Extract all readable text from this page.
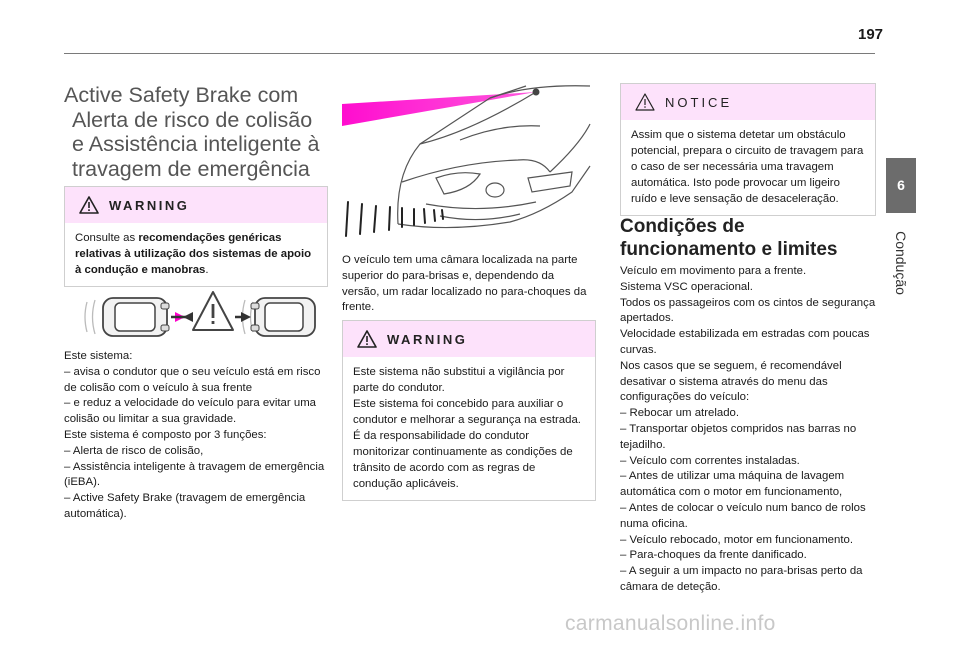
197
6
Condução
Active Safety Brake com
Alerta de risco de colisão
e Assistência inteligente à
travagem de emergência
WARNING
Consulte as recomendações genéricas relativas à utilização dos sistemas de apoio à condução e manobras.
Este sistema:
– avisa o condutor que o seu veículo está em risco de colisão com o veículo à sua frente
– e reduz a velocidade do veículo para evitar uma colisão ou limitar a sua gravidade.
Este sistema é composto por 3 funções:
– Alerta de risco de colisão,
– Assistência inteligente à travagem de emergência (iEBA).
– Active Safety Brake (travagem de emergência automática).
O veículo tem uma câmara localizada na parte superior do para-brisas e, dependendo da versão, um radar localizado no para-choques da frente.
WARNING
Este sistema não substitui a vigilância por parte do condutor.
Este sistema foi concebido para auxiliar o condutor e melhorar a segurança na estrada.
É da responsabilidade do condutor monitorizar continuamente as condições de trânsito de acordo com as regras de condução aplicáveis.
NOTICE
Assim que o sistema detetar um obstáculo potencial, prepara o circuito de travagem para o caso de ser necessária uma travagem automática. Isto pode provocar um ligeiro ruído e leve sensação de desaceleração.
Condições de funcionamento e limites
Veículo em movimento para a frente.
Sistema VSC operacional.
Todos os passageiros com os cintos de segurança apertados.
Velocidade estabilizada em estradas com poucas curvas.
Nos casos que se seguem, é recomendável desativar o sistema através do menu das configurações do veículo:
– Rebocar um atrelado.
– Transportar objetos compridos nas barras no tejadilho.
– Veículo com correntes instaladas.
– Antes de utilizar uma máquina de lavagem automática com o motor em funcionamento,
– Antes de colocar o veículo num banco de rolos numa oficina.
– Veículo rebocado, motor em funcionamento.
– Para-choques da frente danificado.
– A seguir a um impacto no para-brisas perto da câmara de deteção.
carmanualsonline.info
